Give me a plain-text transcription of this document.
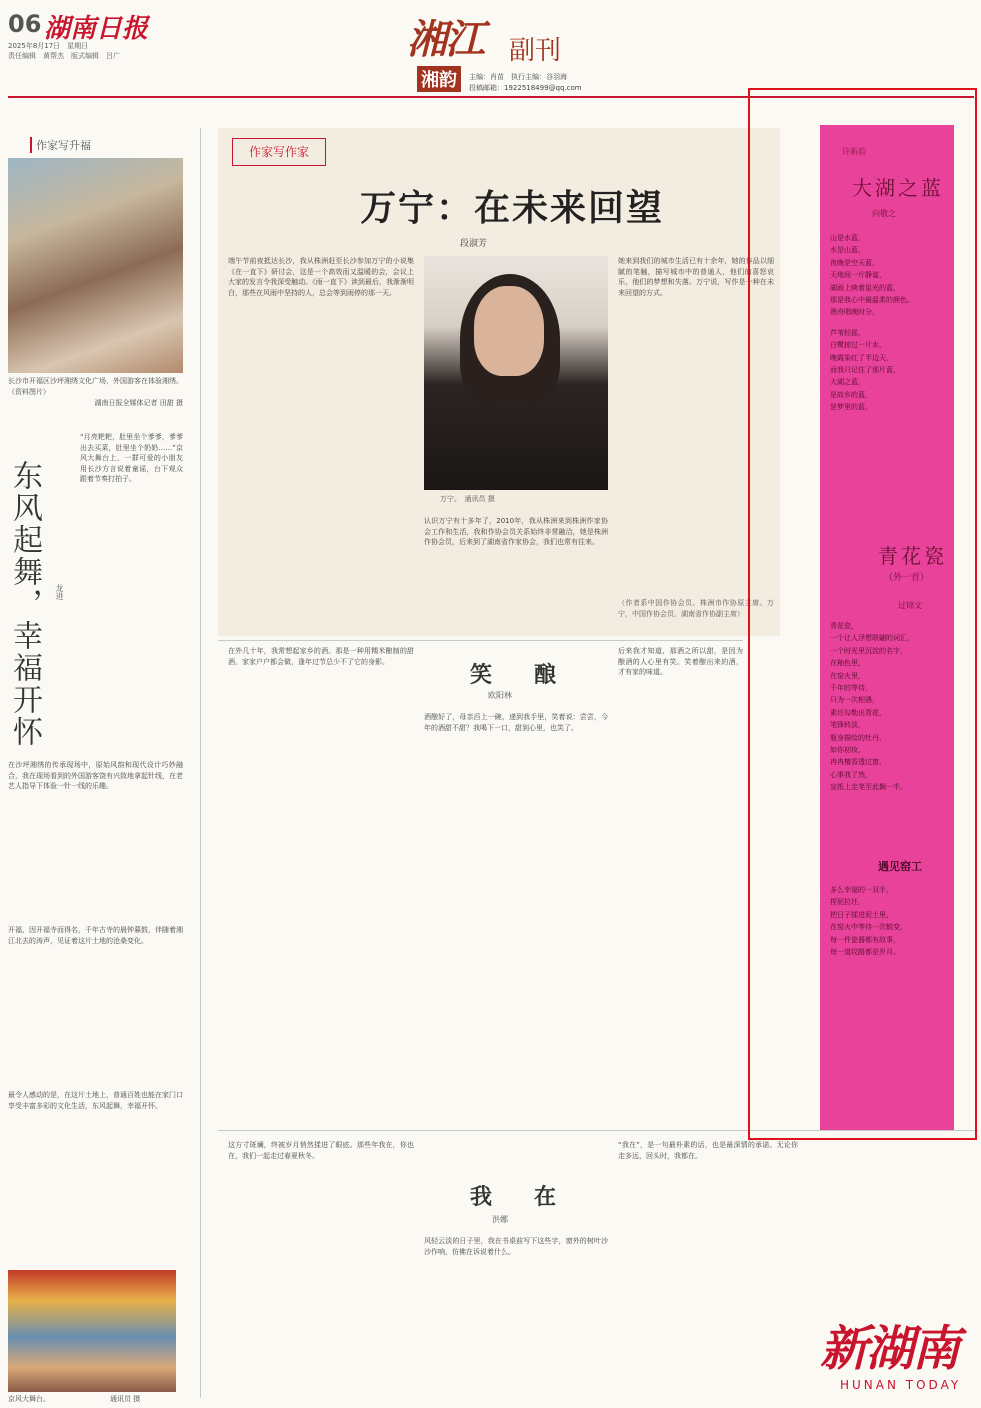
06 湖南日报
2025年8月17日　星期日
责任编辑　黄帮杰　版式编辑　吕广	湘江 副刊
湘韵	主编：肖苗　执行主编：谷羽海
投稿邮箱：1922518499@qq.com
作家写升福
长沙市开福区沙坪湘绣文化广场，外国游客在体验湘绣。（资料图片）
湖南日报全媒体记者 田甜 摄
东风起舞，幸福开怀 龙进
“月亮粑粑，肚里坐个爹爹，爹爹出去买菜，肚里坐个奶奶……”京风大舞台上，一群可爱的小朋友用长沙方言说着童谣，台下观众跟着节奏打拍子。
在沙坪湘绣的传承现场中，原始风韵和现代设计巧妙融合，我在现场看到的外国游客饶有兴致地拿起针线，在老艺人指导下体验一针一线的乐趣。
开福，因开福寺而得名，千年古寺的晨钟暮鼓，伴随着湘江北去的涛声，见证着这片土地的沧桑变化。
最令人感动的是，在这片土地上，普通百姓也能在家门口享受丰富多彩的文化生活，东风起舞，幸福开怀。
京风大舞台。	通讯员 摄
作家写作家
万宁：在未来回望
段淑芳
万宁。　通讯员 摄
端午节前夜抵达长沙，我从株洲赶至长沙参加万宁的小说集《在一直下》研讨会，这是一个高效而又温暖的会，会议上大家的发言令我深受触动。《雨一直下》读到最后，我渐渐明白，那些在风雨中坚持的人，总会等到雨停的那一天。
认识万宁有十多年了，2010年，我从株洲来到株洲作家协会工作和生活，我和作协会员关系始终非常融洽，她是株洲作协会员，后来到了湖南省作家协会，我们也常有往来。
她来到我们的城市生活已有十余年，她的作品以细腻的笔触，描写城市中的普通人，他们的喜怒哀乐，他们的梦想和失落。万宁说，写作是一种在未来回望的方式。
（作者系中国作协会员、株洲市作协原主席。万宁，中国作协会员，湖南省作协副主席）
在外几十年，我常想起家乡的酒。那是一种用糯米酿制的甜酒，家家户户都会做，逢年过节总少不了它的身影。
笑　酿
欧阳林
酒酿好了，母亲舀上一碗，递到我手里，笑着说：尝尝，今年的酒甜不甜？我喝下一口，甜到心里，也笑了。
后来我才知道，那酒之所以甜，是因为酿酒的人心里有笑。笑着酿出来的酒，才有家的味道。
这方寸斑斓，终被岁月悄然揉进了眼底。那些年我在，你也在，我们一起走过春夏秋冬。
我　在
洪娜
风轻云淡的日子里，我在书桌前写下这些字，窗外的树叶沙沙作响，仿佛在诉说着什么。
“我在”，是一句最朴素的话，也是最深情的承诺。无论你走多远，回头时，我都在。
诗新韵
大湖之蓝
向敬之
山是水蓝，
水是山蓝，
夜晚是空天蓝，
天地间一片静谧，
湖面上映着星光的蓝，
那是我心中最温柔的颜色。
渔舟唱晚时分，
芦苇轻摇，
白鹭掠过一片水，
晚霞染红了半边天，
而我只记住了那片蓝，
大湖之蓝，
是故乡的蓝，
是梦里的蓝。
青花瓷
（外一首）
过锦文
青花瓷，
一个让人浮想联翩的词汇，
一个时光里沉淀的名字，
在釉色里，
在窑火里，
千年的等待，
只为一次相遇，
素坯勾勒出青花，
笔锋转淡，
瓶身描绘的牡丹，
如你初妆，
冉冉檀香透过窗，
心事我了然，
宣纸上走笔至此搁一半。
遇见窑工
多么幸福的一双手，
捏泥拉坯，
把日子揉进泥土里，
在窑火中等待一次蜕变，
每一件瓷器都有故事，
每一道纹路都是岁月。
新湖南
HUNAN TODAY
